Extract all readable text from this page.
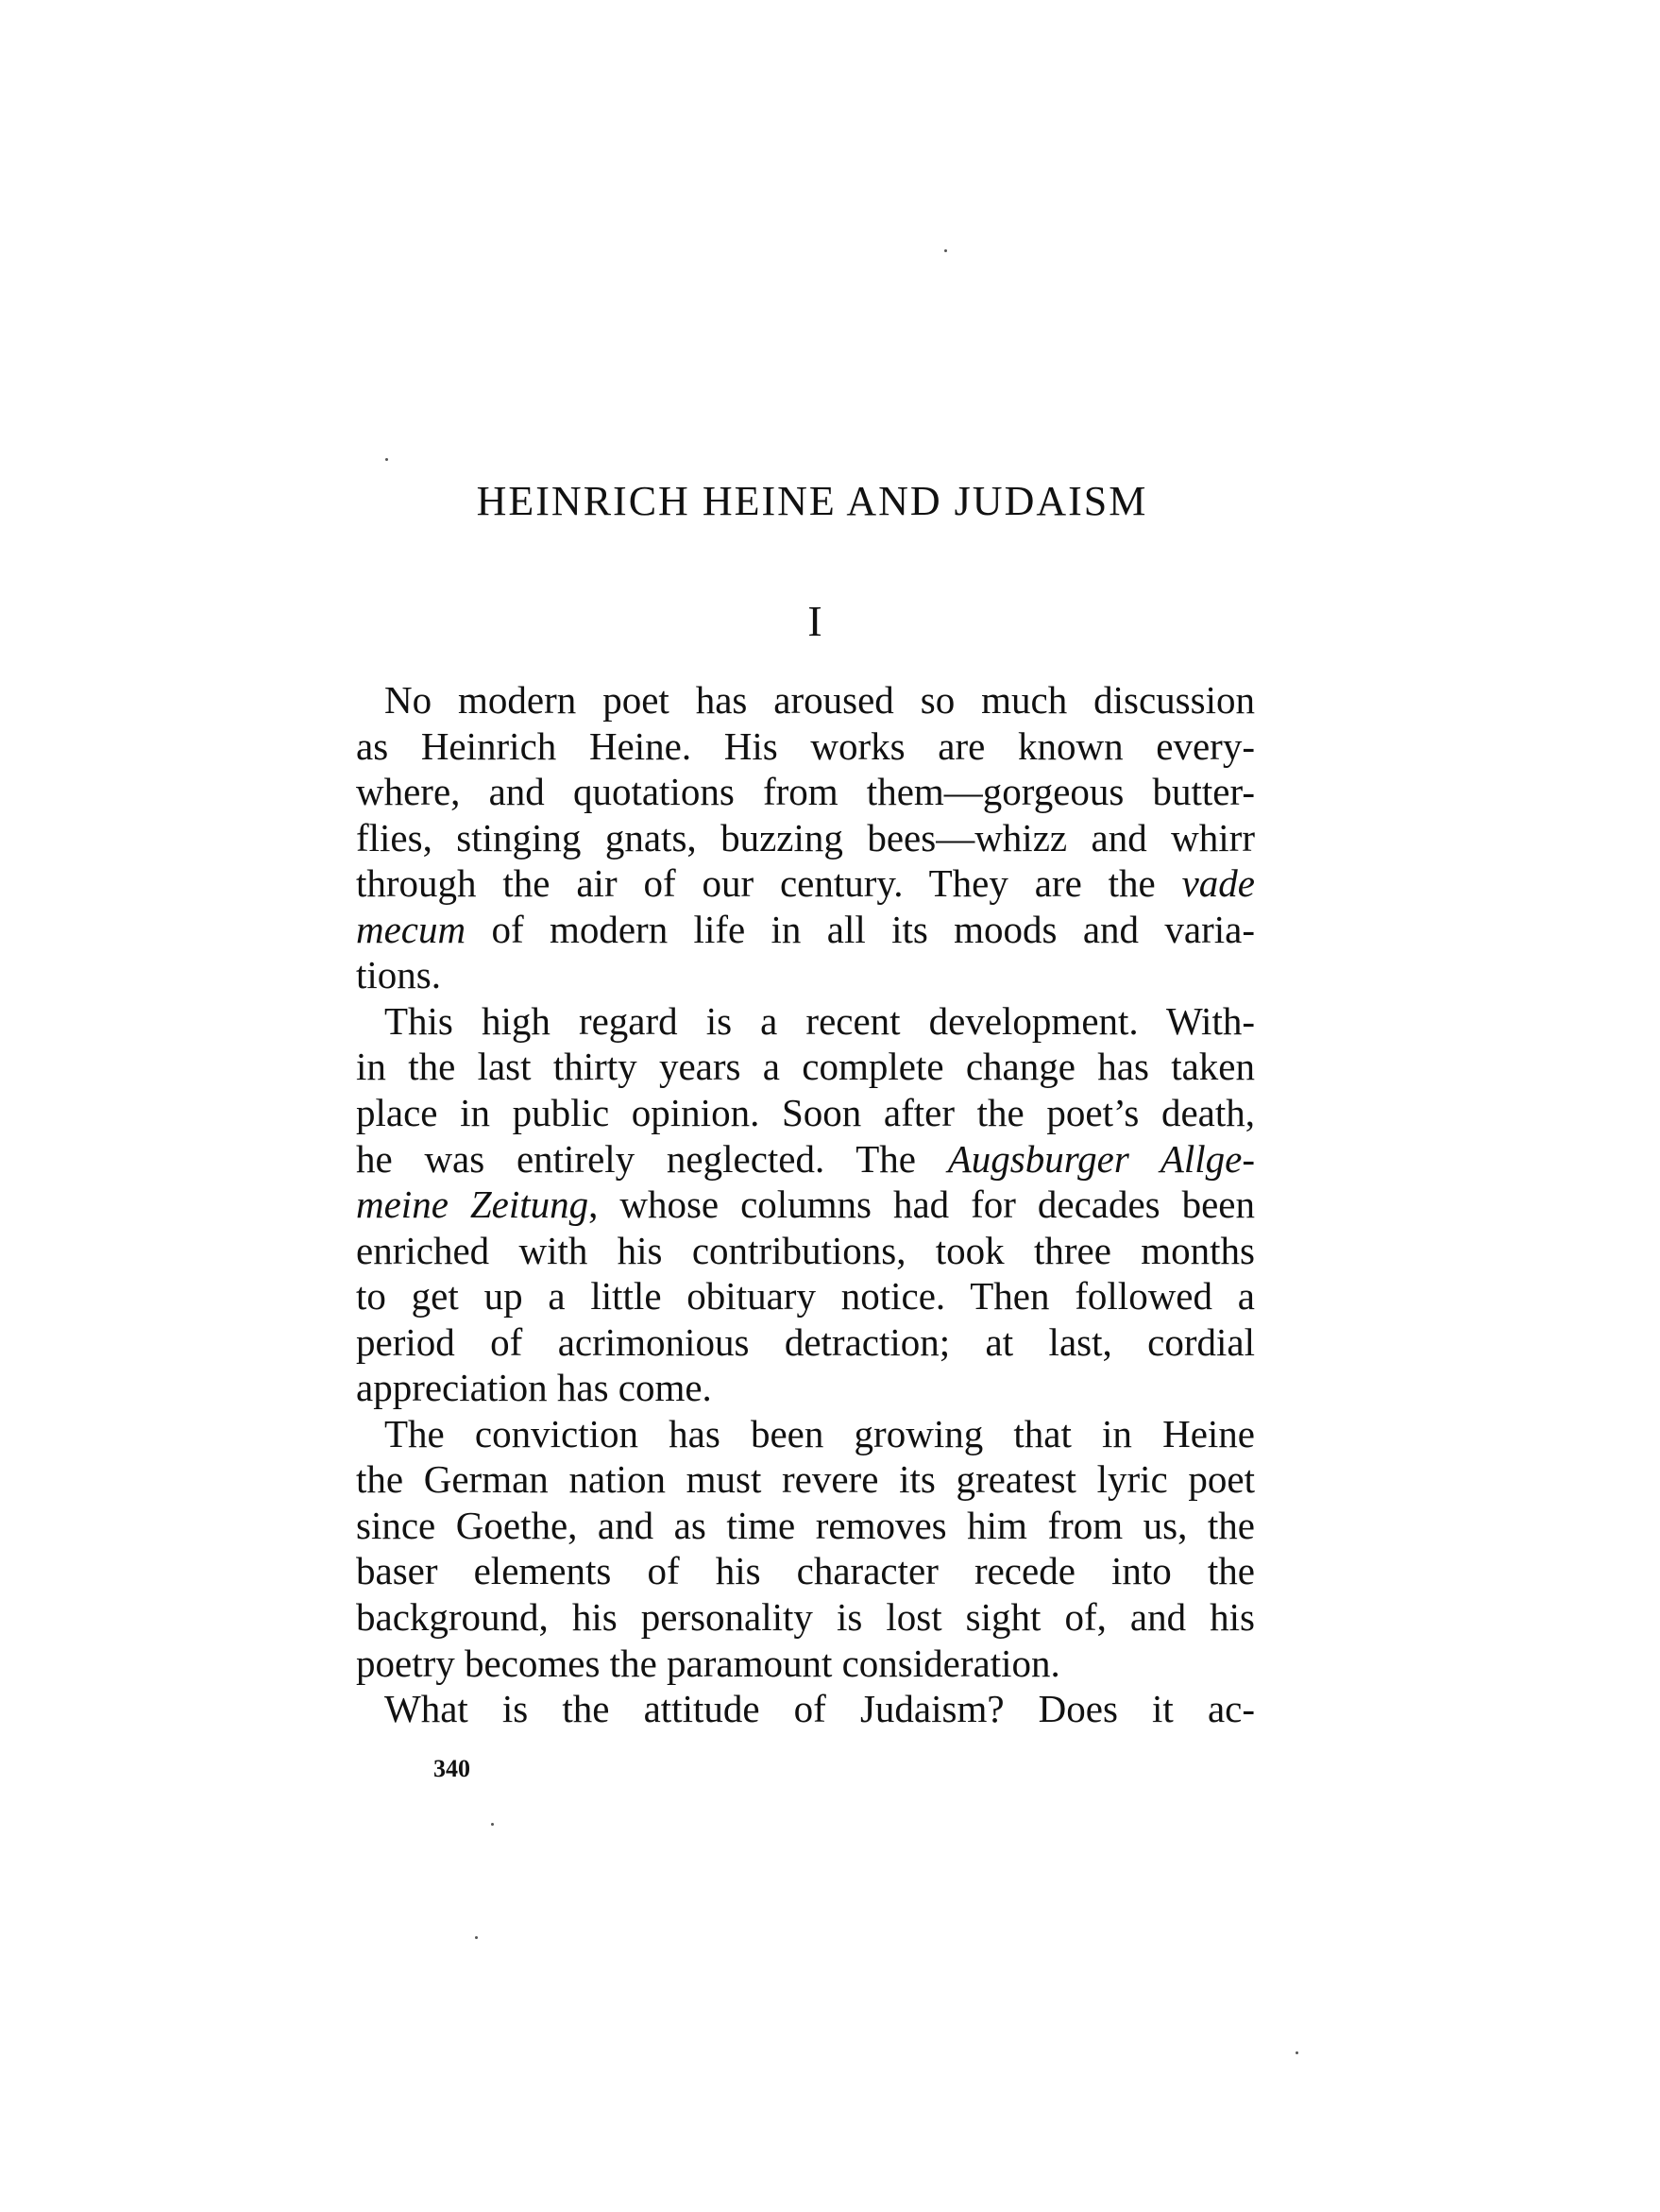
HEINRICH HEINE AND JUDAISM
I
No modern poet has aroused so much discussion
as Heinrich Heine. His works are known every-
where, and quotations from them—gorgeous butter-
flies, stinging gnats, buzzing bees—whizz and whirr
through the air of our century. They are the vade
mecum of modern life in all its moods and varia-
tions.
This high regard is a recent development. With-
in the last thirty years a complete change has taken
place in public opinion. Soon after the poet’s death,
he was entirely neglected. The Augsburger Allge-
meine Zeitung, whose columns had for decades been
enriched with his contributions, took three months
to get up a little obituary notice. Then followed a
period of acrimonious detraction; at last, cordial
appreciation has come.
The conviction has been growing that in Heine
the German nation must revere its greatest lyric poet
since Goethe, and as time removes him from us, the
baser elements of his character recede into the
background, his personality is lost sight of, and his
poetry becomes the paramount consideration.
What is the attitude of Judaism? Does it ac-
340
